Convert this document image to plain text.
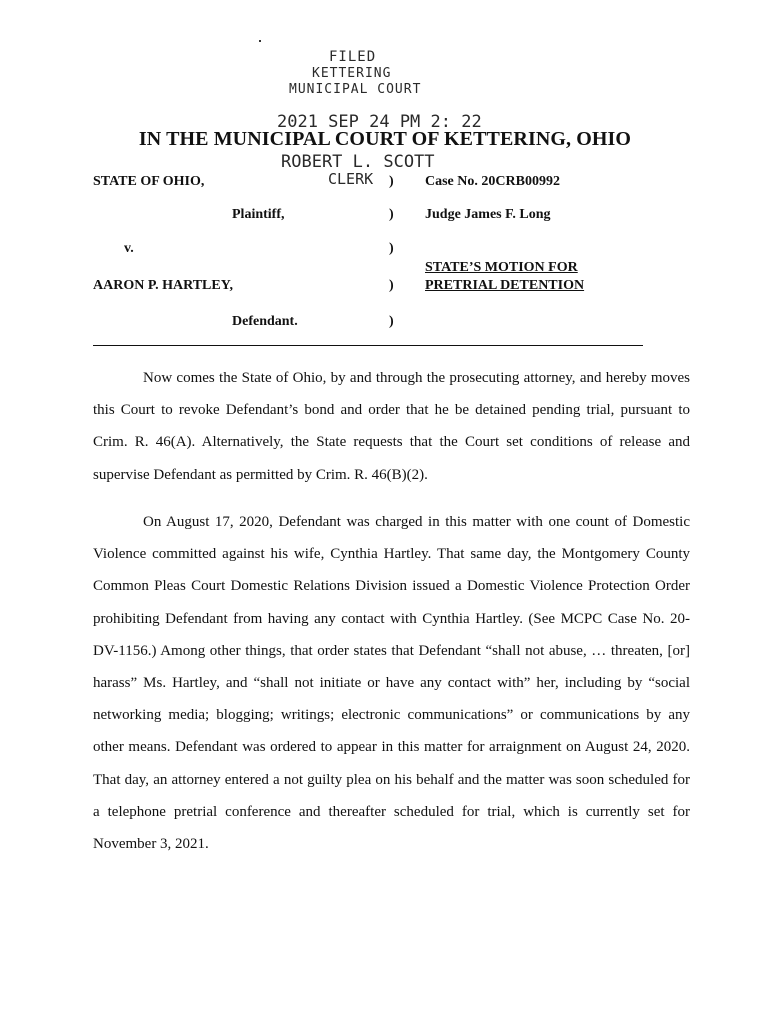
FILED
KETTERING
MUNICIPAL COURT
IN THE MUNICIPAL COURT OF KETTERING, OHIO
2021 SEP 24 PM 2: 22
ROBERT L. SCOTT
CLERK
STATE OF OHIO,	) Case No. 20CRB00992
Plaintiff,	) Judge James F. Long
v.	)
STATE’S MOTION FOR
AARON P. HARTLEY,	) PRETRIAL DETENTION
Defendant.	)

Now comes the State of Ohio, by and through the prosecuting attorney, and hereby moves this Court to revoke Defendant’s bond and order that he be detained pending trial, pursuant to Crim. R. 46(A). Alternatively, the State requests that the Court set conditions of release and supervise Defendant as permitted by Crim. R. 46(B)(2).

On August 17, 2020, Defendant was charged in this matter with one count of Domestic Violence committed against his wife, Cynthia Hartley. That same day, the Montgomery County Common Pleas Court Domestic Relations Division issued a Domestic Violence Protection Order prohibiting Defendant from having any contact with Cynthia Hartley. (See MCPC Case No. 20-DV-1156.) Among other things, that order states that Defendant “shall not abuse, … threaten, [or] harass” Ms. Hartley, and “shall not initiate or have any contact with” her, including by “social networking media; blogging; writings; electronic communications” or communications by any other means. Defendant was ordered to appear in this matter for arraignment on August 24, 2020. That day, an attorney entered a not guilty plea on his behalf and the matter was soon scheduled for a telephone pretrial conference and thereafter scheduled for trial, which is currently set for November 3, 2021.
